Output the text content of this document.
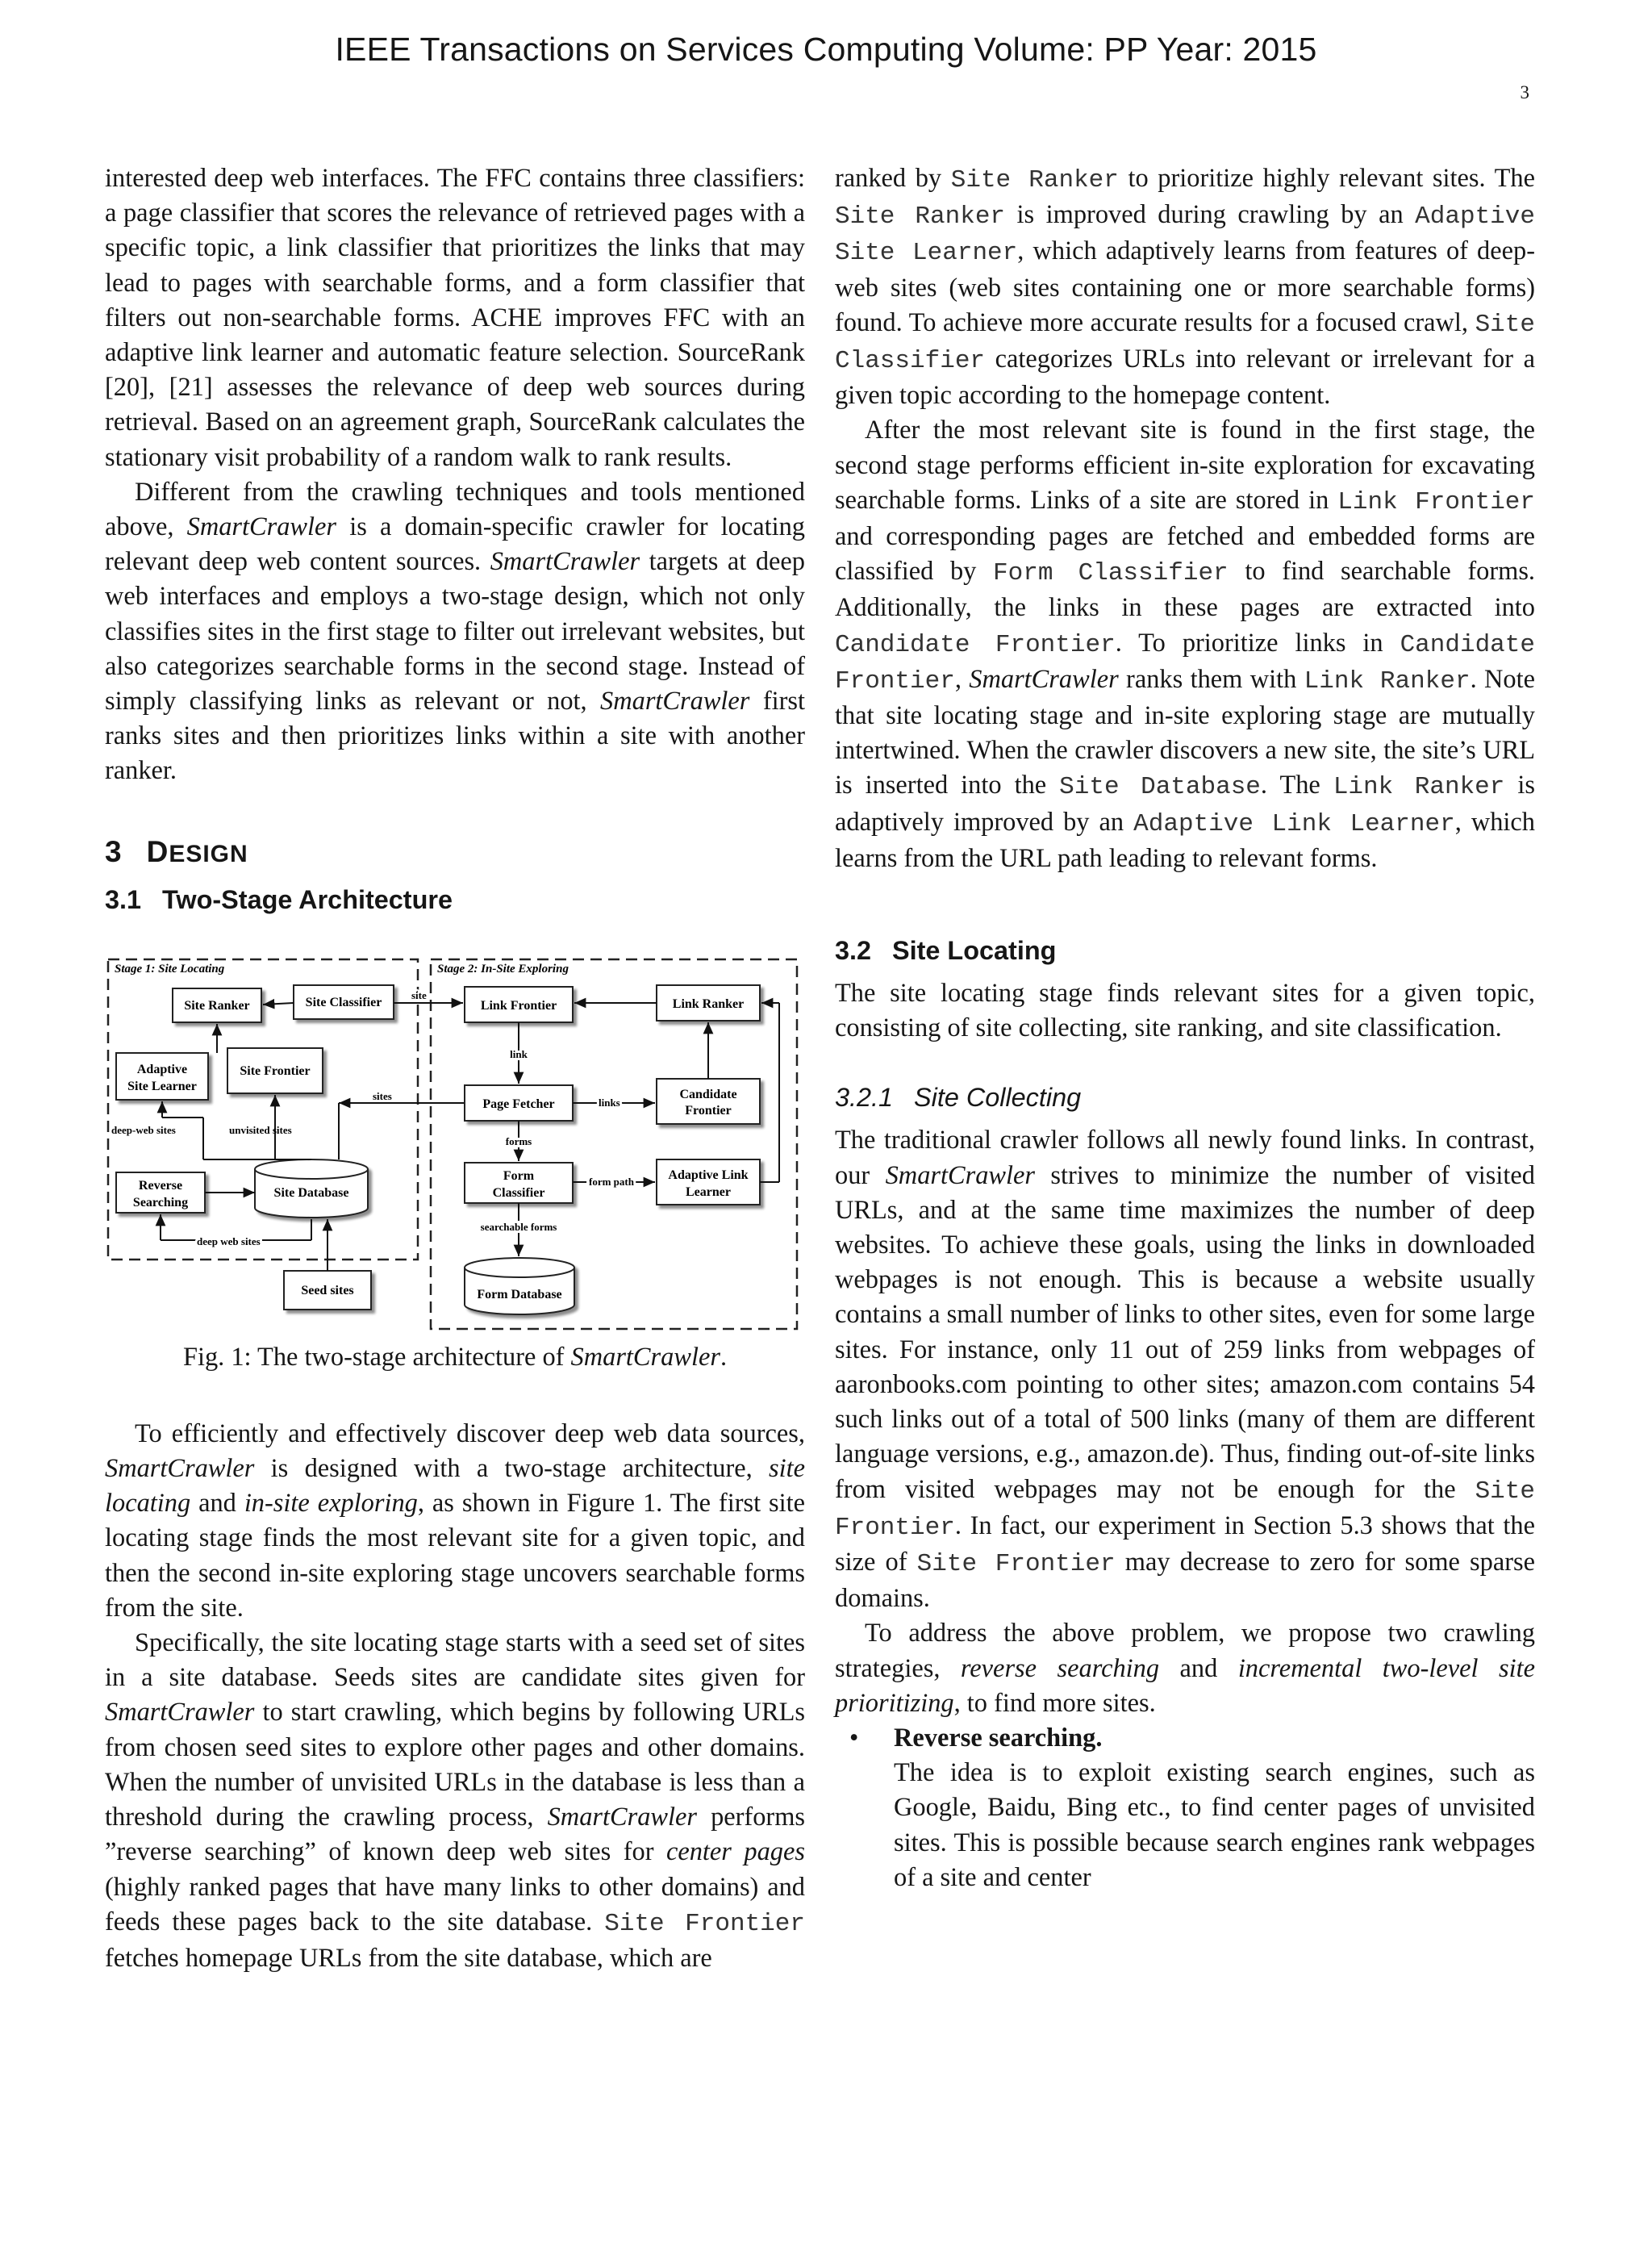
IEEE Transactions on Services Computing Volume: PP Year: 2015
3

interested deep web interfaces. The FFC contains three classifiers: a page classifier that scores the relevance of retrieved pages with a specific topic, a link classifier that prioritizes the links that may lead to pages with searchable forms, and a form classifier that filters out non-searchable forms. ACHE improves FFC with an adaptive link learner and automatic feature selection. SourceRank [20], [21] assesses the relevance of deep web sources during retrieval. Based on an agreement graph, SourceRank calculates the stationary visit probability of a random walk to rank results.

Different from the crawling techniques and tools mentioned above, SmartCrawler is a domain-specific crawler for locating relevant deep web content sources. SmartCrawler targets at deep web interfaces and employs a two-stage design, which not only classifies sites in the first stage to filter out irrelevant websites, but also categorizes searchable forms in the second stage. Instead of simply classifying links as relevant or not, SmartCrawler first ranks sites and then prioritizes links within a site with another ranker.

3 DESIGN
3.1 Two-Stage Architecture
Stage 1: Site Locating	Stage 2: In-Site Exploring
Site Ranker	Site Classifier
Adaptive
Site Learner
Site Frontier
Reverse
Searching
Site Database
Seed sites
deep-web sites	unvisited sites
deep web sites
sites
Link Frontier	Link Ranker
Page Fetcher
Candidate
Frontier
Form
Classifier
Adaptive Link
Learner
Form Database
site
link
links
forms
form path
searchable forms
Fig. 1: The two-stage architecture of SmartCrawler.

To efficiently and effectively discover deep web data sources, SmartCrawler is designed with a two-stage architecture, site locating and in-site exploring, as shown in Figure 1. The first site locating stage finds the most relevant site for a given topic, and then the second in-site exploring stage uncovers searchable forms from the site.

Specifically, the site locating stage starts with a seed set of sites in a site database. Seeds sites are candidate sites given for SmartCrawler to start crawling, which begins by following URLs from chosen seed sites to explore other pages and other domains. When the number of unvisited URLs in the database is less than a threshold during the crawling process, SmartCrawler performs ”reverse searching” of known deep web sites for center pages (highly ranked pages that have many links to other domains) and feeds these pages back to the site database. Site Frontier fetches homepage URLs from the site database, which are

ranked by Site Ranker to prioritize highly relevant sites. The Site Ranker is improved during crawling by an Adaptive Site Learner, which adaptively learns from features of deep-web sites (web sites containing one or more searchable forms) found. To achieve more accurate results for a focused crawl, Site Classifier categorizes URLs into relevant or irrelevant for a given topic according to the homepage content.

After the most relevant site is found in the first stage, the second stage performs efficient in-site exploration for excavating searchable forms. Links of a site are stored in Link Frontier and corresponding pages are fetched and embedded forms are classified by Form Classifier to find searchable forms. Additionally, the links in these pages are extracted into Candidate Frontier. To prioritize links in Candidate Frontier, SmartCrawler ranks them with Link Ranker. Note that site locating stage and in-site exploring stage are mutually intertwined. When the crawler discovers a new site, the site’s URL is inserted into the Site Database. The Link Ranker is adaptively improved by an Adaptive Link Learner, which learns from the URL path leading to relevant forms.

3.2 Site Locating

The site locating stage finds relevant sites for a given topic, consisting of site collecting, site ranking, and site classification.

3.2.1 Site Collecting

The traditional crawler follows all newly found links. In contrast, our SmartCrawler strives to minimize the number of visited URLs, and at the same time maximizes the number of deep websites. To achieve these goals, using the links in downloaded webpages is not enough. This is because a website usually contains a small number of links to other sites, even for some large sites. For instance, only 11 out of 259 links from webpages of aaronbooks.com pointing to other sites; amazon.com contains 54 such links out of a total of 500 links (many of them are different language versions, e.g., amazon.de). Thus, finding out-of-site links from visited webpages may not be enough for the Site Frontier. In fact, our experiment in Section 5.3 shows that the size of Site Frontier may decrease to zero for some sparse domains.

To address the above problem, we propose two crawling strategies, reverse searching and incremental two-level site prioritizing, to find more sites.

• Reverse searching.

The idea is to exploit existing search engines, such as Google, Baidu, Bing etc., to find center pages of unvisited sites. This is possible because search engines rank webpages of a site and center
